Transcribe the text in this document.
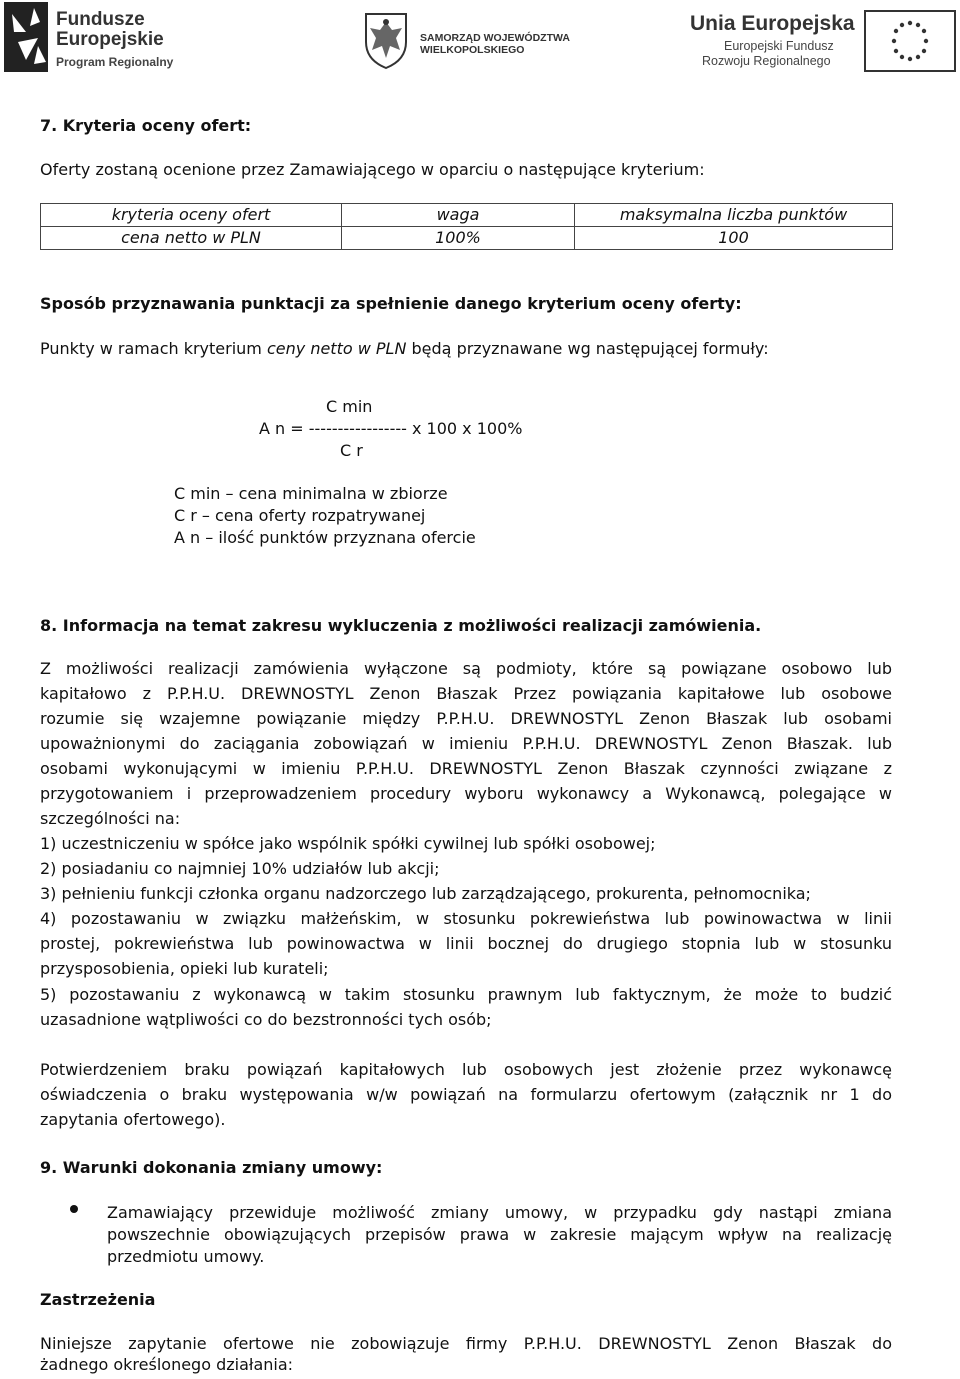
Fundusze
Europejskie
Program Regionalny
SAMORZĄD WOJEWÓDZTWA
WIELKOPOLSKIEGO
Unia Europejska
Europejski Fundusz
Rozwoju Regionalnego

7. Kryteria oceny ofert:

Oferty zostaną ocenione przez Zamawiającego w oparciu o następujące kryterium:

kryteria oceny ofert	waga	maksymalna liczba punktów
cena netto w PLN	100%	100

Sposób przyznawania punktacji za spełnienie danego kryterium oceny oferty:

Punkty w ramach kryterium ceny netto w PLN będą przyznawane wg następującej formuły:

C min

A n = ----------------- x 100 x 100%

C r

C min – cena minimalna w zbiorze

C r – cena oferty rozpatrywanej

A n – ilość punktów przyznana ofercie

8. Informacja na temat zakresu wykluczenia z możliwości realizacji zamówienia.

Z możliwości realizacji zamówienia wyłączone są podmioty, które są powiązane osobowo lub

kapitałowo z P.P.H.U. DREWNOSTYL Zenon Błaszak Przez powiązania kapitałowe lub osobowe

rozumie się wzajemne powiązanie między P.P.H.U. DREWNOSTYL Zenon Błaszak lub osobami

upoważnionymi do zaciągania zobowiązań w imieniu P.P.H.U. DREWNOSTYL Zenon Błaszak. lub

osobami wykonującymi w imieniu P.P.H.U. DREWNOSTYL Zenon Błaszak czynności związane z

przygotowaniem i przeprowadzeniem procedury wyboru wykonawcy a Wykonawcą, polegające w

szczególności na:

1) uczestniczeniu w spółce jako wspólnik spółki cywilnej lub spółki osobowej;

2) posiadaniu co najmniej 10% udziałów lub akcji;

3) pełnieniu funkcji członka organu nadzorczego lub zarządzającego, prokurenta, pełnomocnika;

4) pozostawaniu w związku małżeńskim, w stosunku pokrewieństwa lub powinowactwa w linii

prostej, pokrewieństwa lub powinowactwa w linii bocznej do drugiego stopnia lub w stosunku

przysposobienia, opieki lub kurateli;

5) pozostawaniu z wykonawcą w takim stosunku prawnym lub faktycznym, że może to budzić

uzasadnione wątpliwości co do bezstronności tych osób;

Potwierdzeniem braku powiązań kapitałowych lub osobowych jest złożenie przez wykonawcę

oświadczenia o braku występowania w/w powiązań na formularzu ofertowym (załącznik nr 1 do

zapytania ofertowego).

9. Warunki dokonania zmiany umowy:

Zamawiający przewiduje możliwość zmiany umowy, w przypadku gdy nastąpi zmiana

powszechnie obowiązujących przepisów prawa w zakresie mającym wpływ na realizację

przedmiotu umowy.

Zastrzeżenia

Niniejsze zapytanie ofertowe nie zobowiązuje firmy P.P.H.U. DREWNOSTYL Zenon Błaszak do

żadnego określonego działania:
